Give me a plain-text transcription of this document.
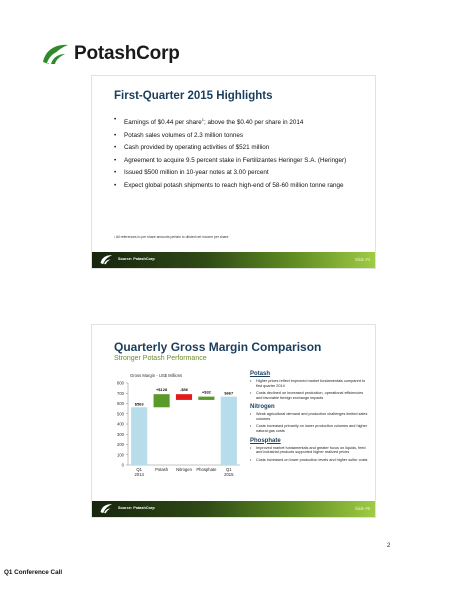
PotashCorp
First-Quarter 2015 Highlights
• Earnings of $0.44 per share$^1$; above the $0.40 per share in 2014
• Potash sales volumes of 2.3 million tonnes
• Cash provided by operating activities of $521 million
• Agreement to acquire 9.5 percent stake in Fertilizantes Heringer S.A. (Heringer)
• Issued $500 million in 10-year notes at 3.00 percent
• Expect global potash shipments to reach high-end of 58-60 million tonne range
¹ All references to per share amounts pertain to diluted net income per share.
Source: PotashCorp	Slide #4
Quarterly Gross Margin Comparison
Stronger Potash Performance
Gross Margin - US$ Millions
0
100
200
300
400
500
600
700
800
$563
Q1
2014
+$128
Potash
-$56
Nitrogen
+$32
Phosphate
$667
Q1
2015
Potash
• Higher prices reflect improved market fundamentals compared to first quarter 2014
• Costs declined on increased production, operational efficiencies and favorable foreign exchange impacts
Nitrogen
• Weak agricultural demand and production challenges limited sales volumes
• Costs increased primarily on lower production volumes and higher natural gas costs
Phosphate
• Improved market fundamentals and greater focus on liquids, feed and industrial products supported higher realized prices
• Costs increased on lower production levels and higher sulfur costs
Source: PotashCorp	Slide #5
2
Q1 Conference Call
